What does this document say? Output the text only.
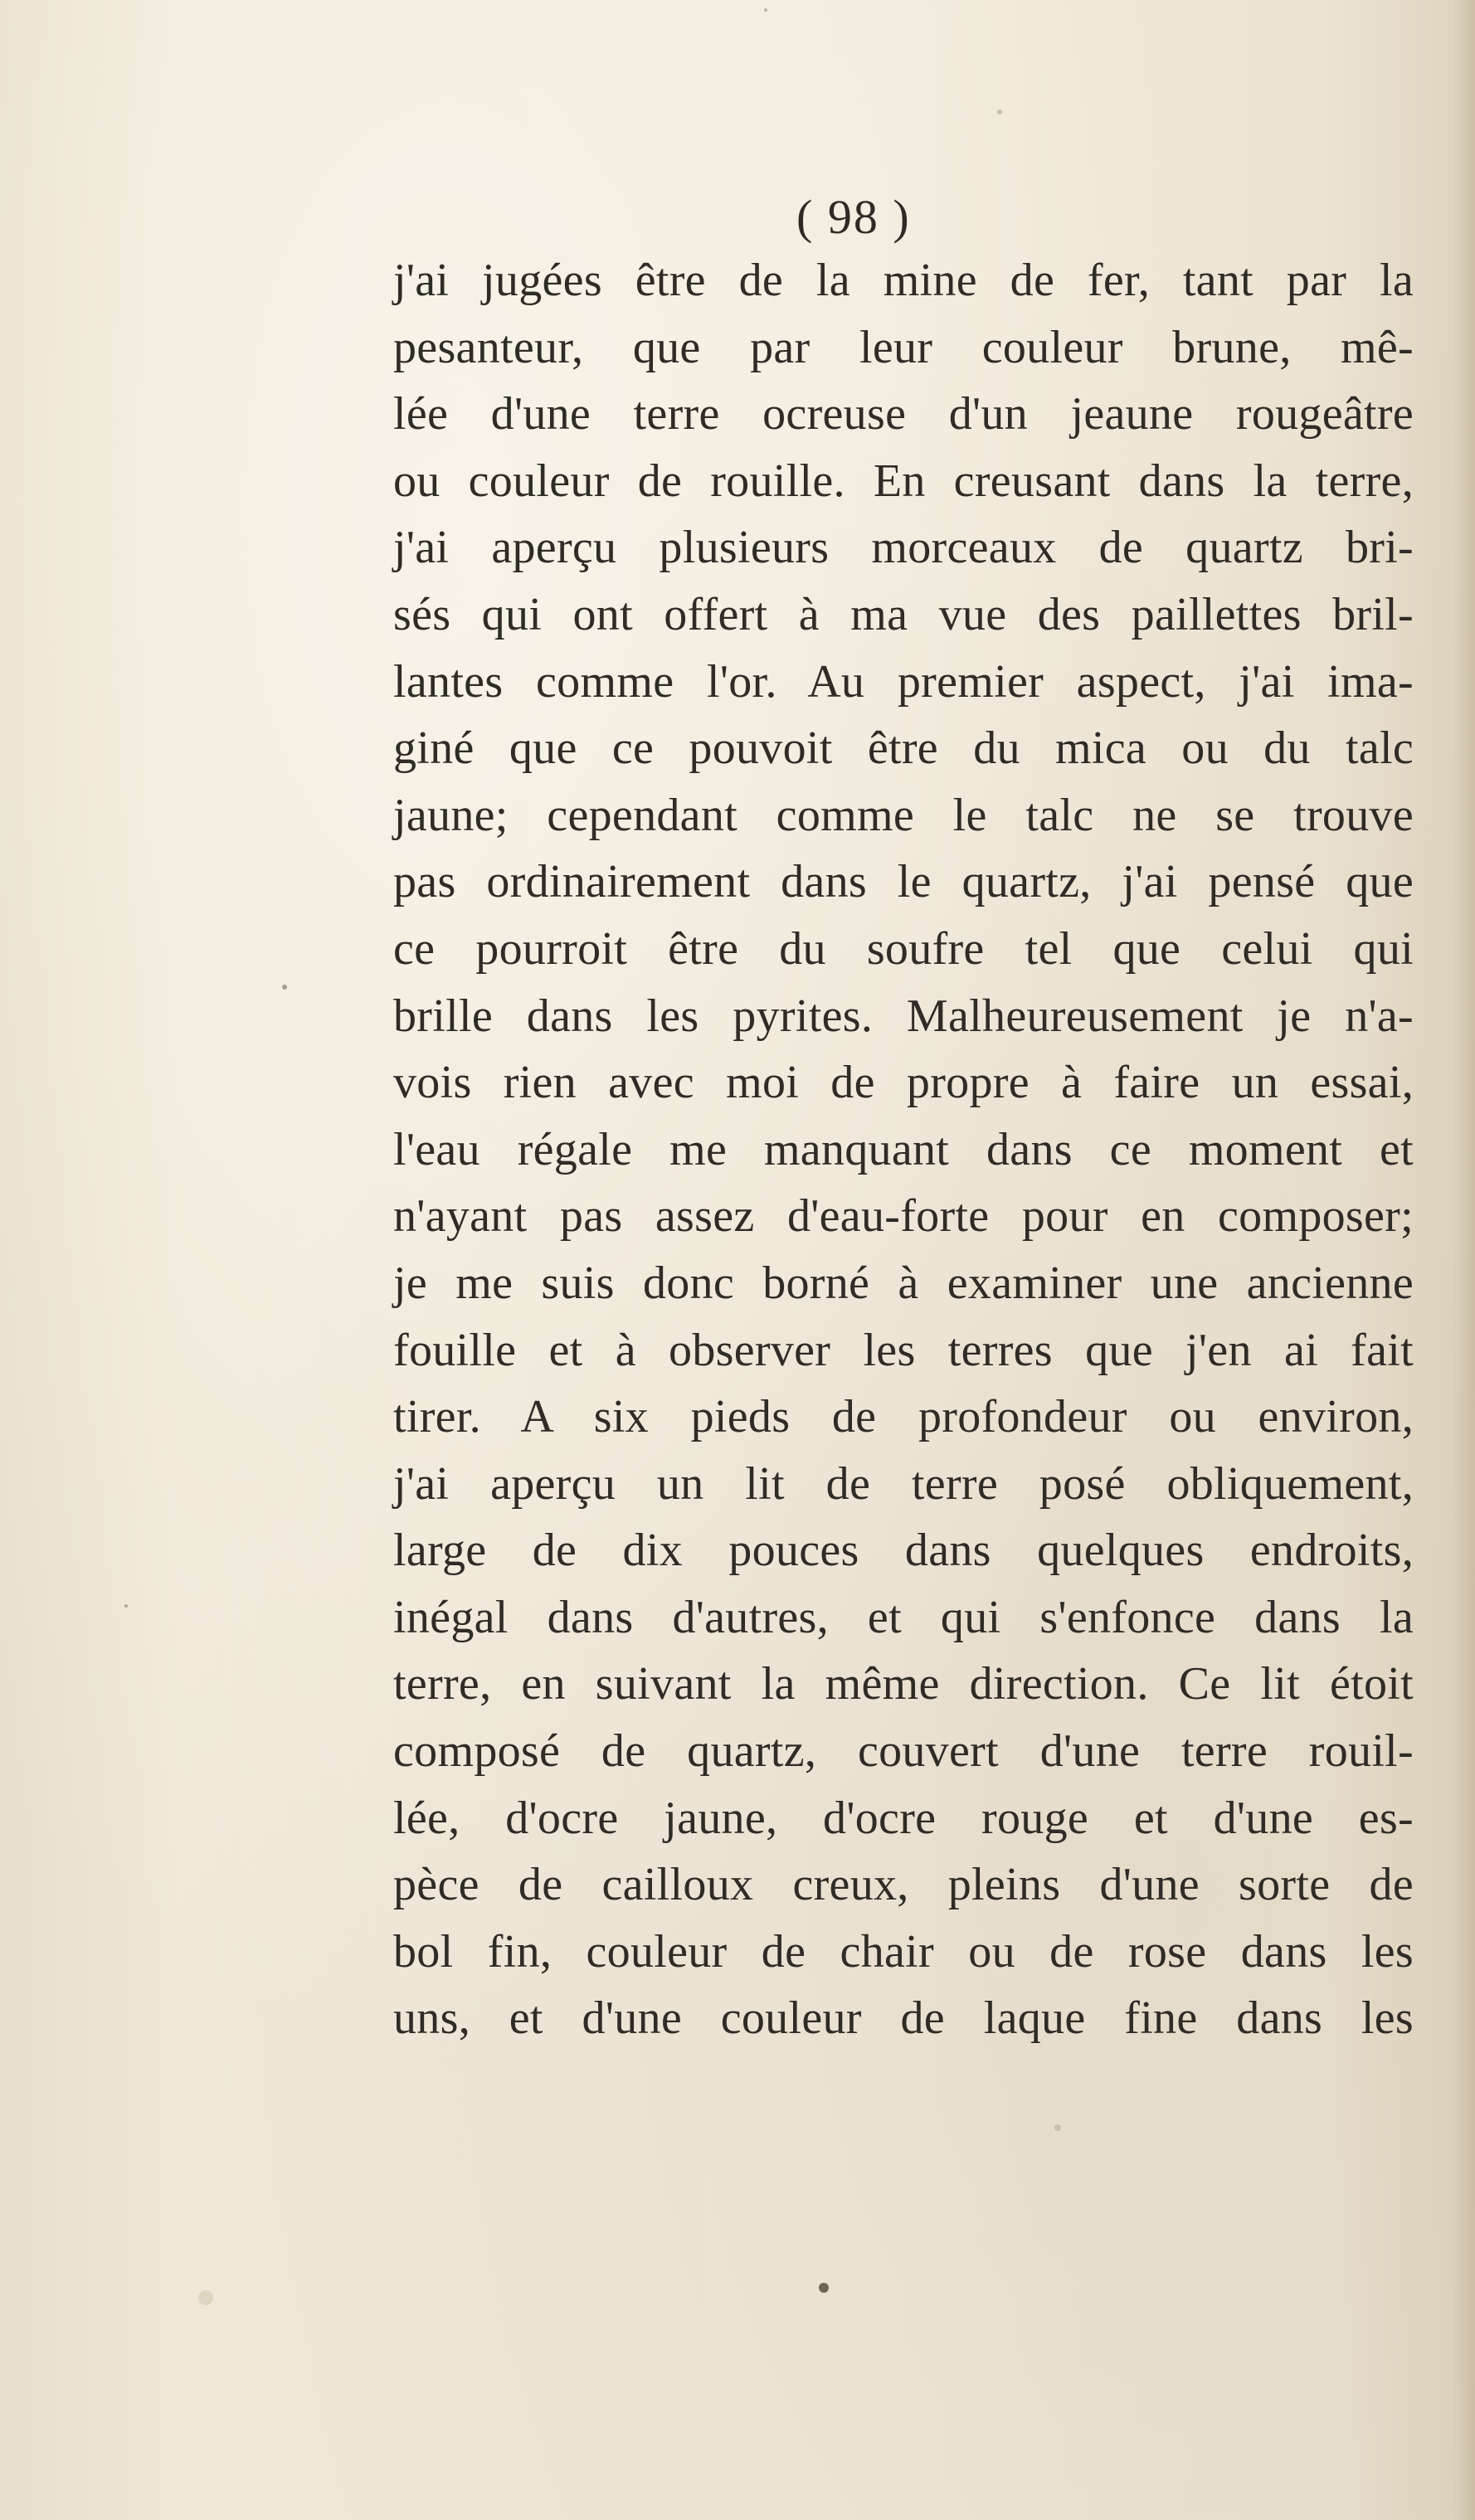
( 98 )
j'ai jugées être de la mine de fer, tant par la
pesanteur, que par leur couleur brune, mê-
lée d'une terre ocreuse d'un jeaune rougeâtre
ou couleur de rouille. En creusant dans la terre,
j'ai aperçu plusieurs morceaux de quartz bri-
sés qui ont offert à ma vue des paillettes bril-
lantes comme l'or. Au premier aspect, j'ai ima-
giné que ce pouvoit être du mica ou du talc
jaune; cependant comme le talc ne se trouve
pas ordinairement dans le quartz, j'ai pensé que
ce pourroit être du soufre tel que celui qui
brille dans les pyrites. Malheureusement je n'a-
vois rien avec moi de propre à faire un essai,
l'eau régale me manquant dans ce moment et
n'ayant pas assez d'eau-forte pour en composer;
je me suis donc borné à examiner une ancienne
fouille et à observer les terres que j'en ai fait
tirer. A six pieds de profondeur ou environ,
j'ai aperçu un lit de terre posé obliquement,
large de dix pouces dans quelques endroits,
inégal dans d'autres, et qui s'enfonce dans la
terre, en suivant la même direction. Ce lit étoit
composé de quartz, couvert d'une terre rouil-
lée, d'ocre jaune, d'ocre rouge et d'une es-
pèce de cailloux creux, pleins d'une sorte de
bol fin, couleur de chair ou de rose dans les
uns, et d'une couleur de laque fine dans les
